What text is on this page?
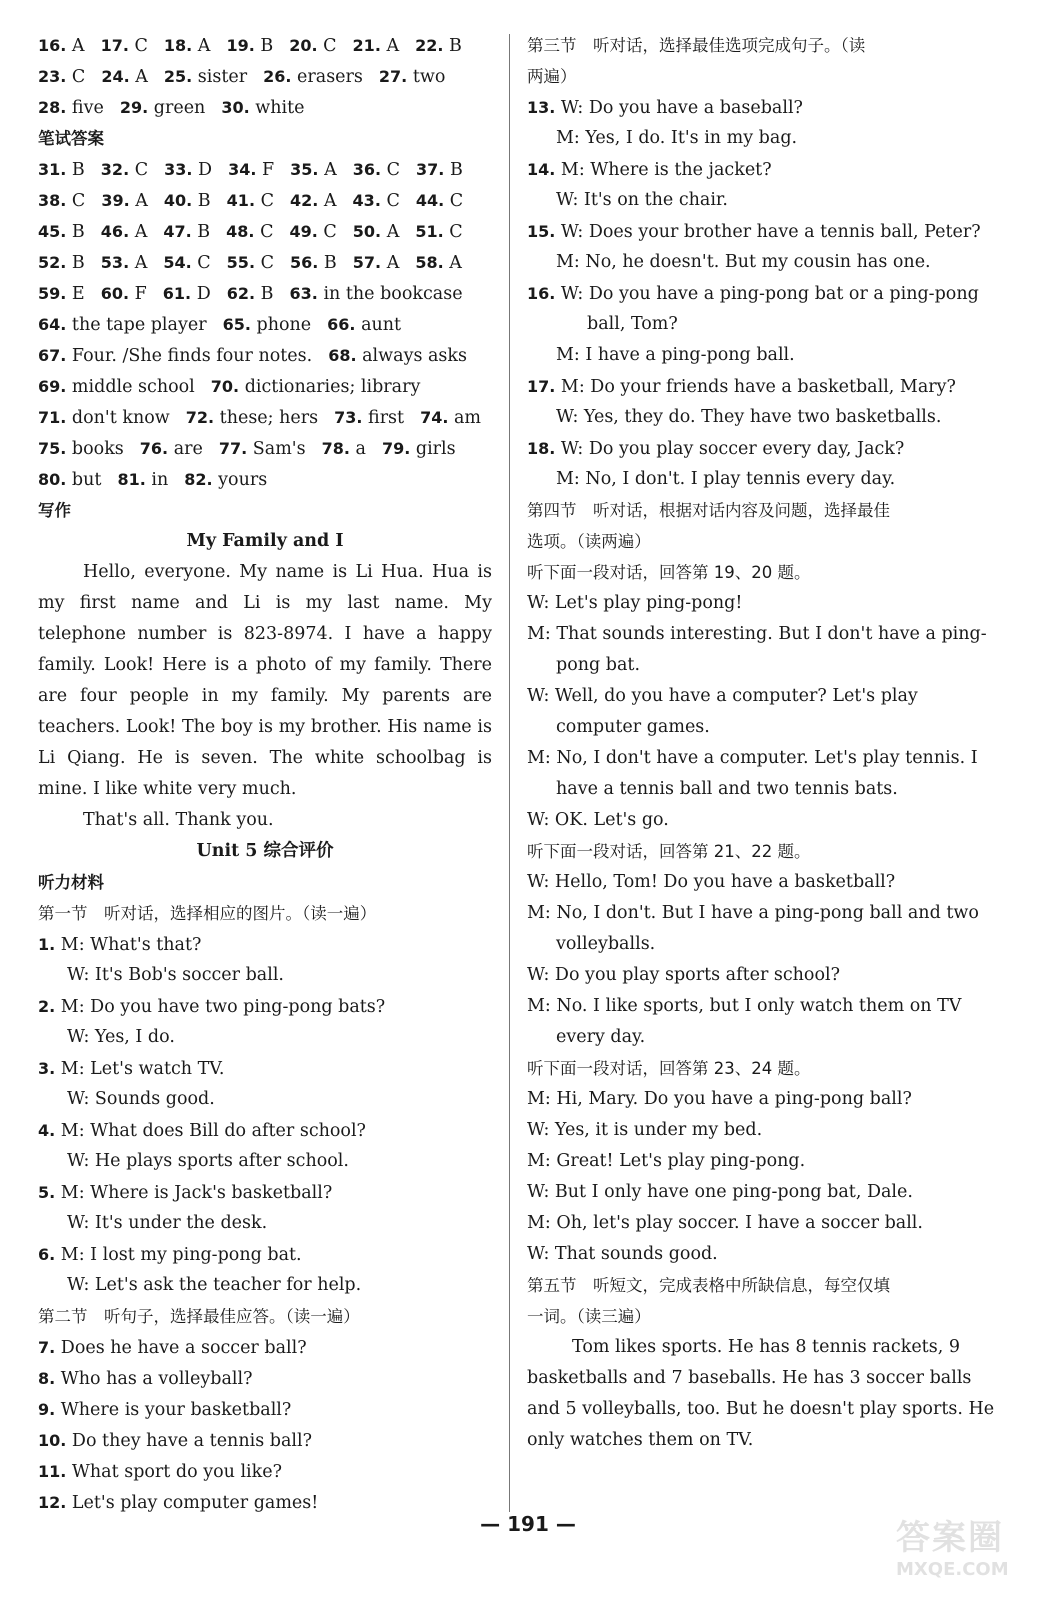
16. A 17. C 18. A 19. B 20. C 21. A 22. B
23. C 24. A 25. sister 26. erasers 27. two
28. five 29. green 30. white
笔试答案
31. B 32. C 33. D 34. F 35. A 36. C 37. B
38. C 39. A 40. B 41. C 42. A 43. C 44. C
45. B 46. A 47. B 48. C 49. C 50. A 51. C
52. B 53. A 54. C 55. C 56. B 57. A 58. A
59. E 60. F 61. D 62. B 63. in the bookcase
64. the tape player 65. phone 66. aunt
67. Four. /She finds four notes. 68. always asks
69. middle school 70. dictionaries; library
71. don't know 72. these; hers 73. first 74. am
75. books 76. are 77. Sam's 78. a 79. girls
80. but 81. in 82. yours
写作
My Family and I
Hello, everyone. My name is Li Hua. Hua is my first name and Li is my last name. My telephone number is 823-8974. I have a happy family. Look! Here is a photo of my family. There are four people in my family. My parents are teachers. Look! The boy is my brother. His name is Li Qiang. He is seven. The white schoolbag is mine. I like white very much.
That's all. Thank you.
Unit 5 综合评价
听力材料
第一节　听对话，选择相应的图片。（读一遍）
1. M: What's that?
W: It's Bob's soccer ball.
2. M: Do you have two ping-pong bats?
W: Yes, I do.
3. M: Let's watch TV.
W: Sounds good.
4. M: What does Bill do after school?
W: He plays sports after school.
5. M: Where is Jack's basketball?
W: It's under the desk.
6. M: I lost my ping-pong bat.
W: Let's ask the teacher for help.
第二节　听句子，选择最佳应答。（读一遍）
7. Does he have a soccer ball?
8. Who has a volleyball?
9. Where is your basketball?
10. Do they have a tennis ball?
11. What sport do you like?
12. Let's play computer games!
第三节　听对话，选择最佳选项完成句子。（读
两遍）
13. W: Do you have a baseball?
M: Yes, I do. It's in my bag.
14. M: Where is the jacket?
W: It's on the chair.
15. W: Does your brother have a tennis ball, Peter?
M: No, he doesn't. But my cousin has one.
16. W: Do you have a ping-pong bat or a ping-pong
ball, Tom?
M: I have a ping-pong ball.
17. M: Do your friends have a basketball, Mary?
W: Yes, they do. They have two basketballs.
18. W: Do you play soccer every day, Jack?
M: No, I don't. I play tennis every day.
第四节　听对话，根据对话内容及问题，选择最佳
选项。（读两遍）
听下面一段对话，回答第 19、20 题。
W: Let's play ping-pong!
M: That sounds interesting. But I don't have a ping-
pong bat.
W: Well, do you have a computer? Let's play
computer games.
M: No, I don't have a computer. Let's play tennis. I
have a tennis ball and two tennis bats.
W: OK. Let's go.
听下面一段对话，回答第 21、22 题。
W: Hello, Tom! Do you have a basketball?
M: No, I don't. But I have a ping-pong ball and two
volleyballs.
W: Do you play sports after school?
M: No. I like sports, but I only watch them on TV
every day.
听下面一段对话，回答第 23、24 题。
M: Hi, Mary. Do you have a ping-pong ball?
W: Yes, it is under my bed.
M: Great! Let's play ping-pong.
W: But I only have one ping-pong bat, Dale.
M: Oh, let's play soccer. I have a soccer ball.
W: That sounds good.
第五节　听短文，完成表格中所缺信息，每空仅填
一词。（读三遍）
Tom likes sports. He has 8 tennis rackets, 9
basketballs and 7 baseballs. He has 3 soccer balls
and 5 volleyballs, too. But he doesn't play sports. He
only watches them on TV.
— 191 —	答案圈
MXQE.COM
